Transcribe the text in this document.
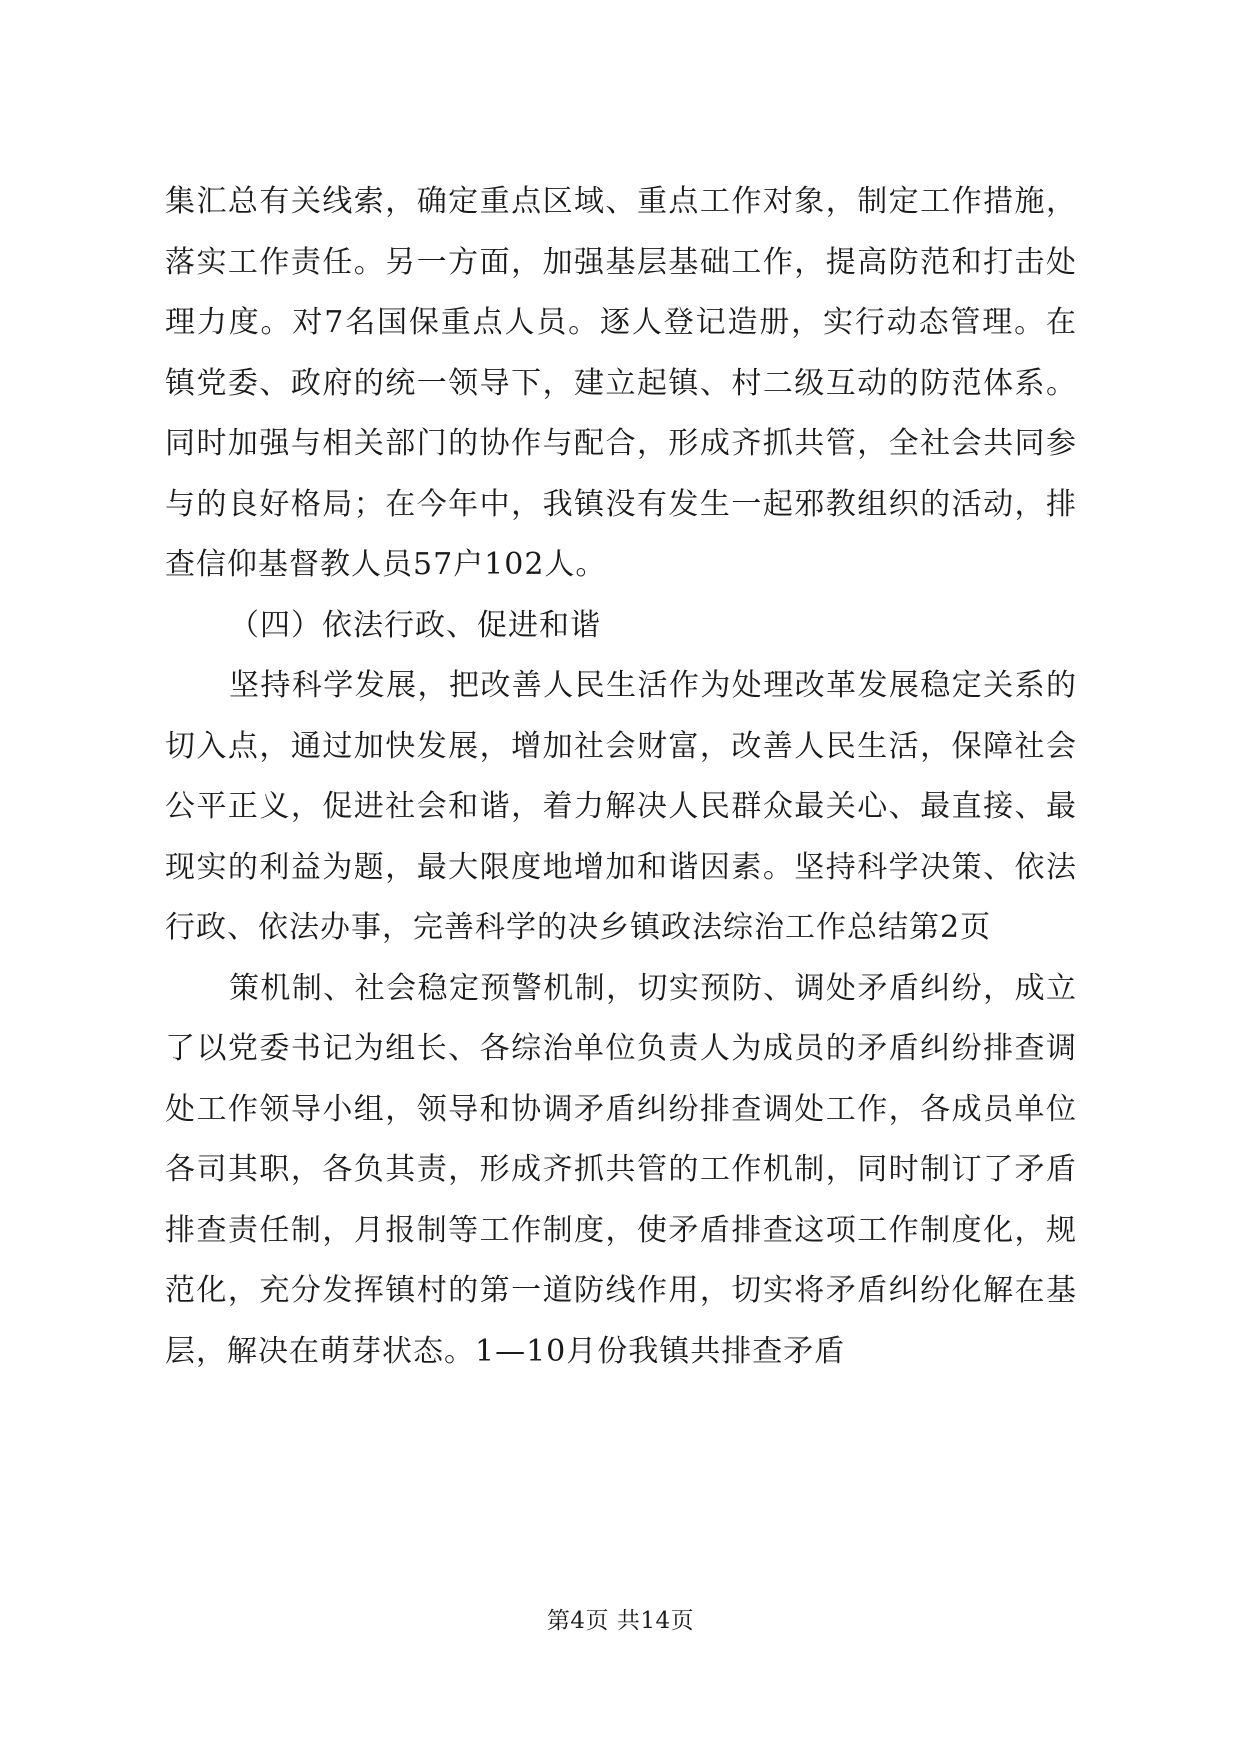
集汇总有关线索，确定重点区域、重点工作对象，制定工作措施，落实工作责任。另一方面，加强基层基础工作，提高防范和打击处理力度。对7名国保重点人员。逐人登记造册，实行动态管理。在镇党委、政府的统一领导下，建立起镇、村二级互动的防范体系。同时加强与相关部门的协作与配合，形成齐抓共管，全社会共同参与的良好格局；在今年中，我镇没有发生一起邪教组织的活动，排查信仰基督教人员57户102人。

（四）依法行政、促进和谐

坚持科学发展，把改善人民生活作为处理改革发展稳定关系的切入点，通过加快发展，增加社会财富，改善人民生活，保障社会公平正义，促进社会和谐，着力解决人民群众最关心、最直接、最现实的利益为题，最大限度地增加和谐因素。坚持科学决策、依法行政、依法办事，完善科学的决乡镇政法综治工作总结第2页

策机制、社会稳定预警机制，切实预防、调处矛盾纠纷，成立了以党委书记为组长、各综治单位负责人为成员的矛盾纠纷排查调处工作领导小组，领导和协调矛盾纠纷排查调处工作，各成员单位各司其职，各负其责，形成齐抓共管的工作机制，同时制订了矛盾排查责任制，月报制等工作制度，使矛盾排查这项工作制度化，规范化，充分发挥镇村的第一道防线作用，切实将矛盾纠纷化解在基层，解决在萌芽状态。1—10月份我镇共排查矛盾

第4页 共14页
